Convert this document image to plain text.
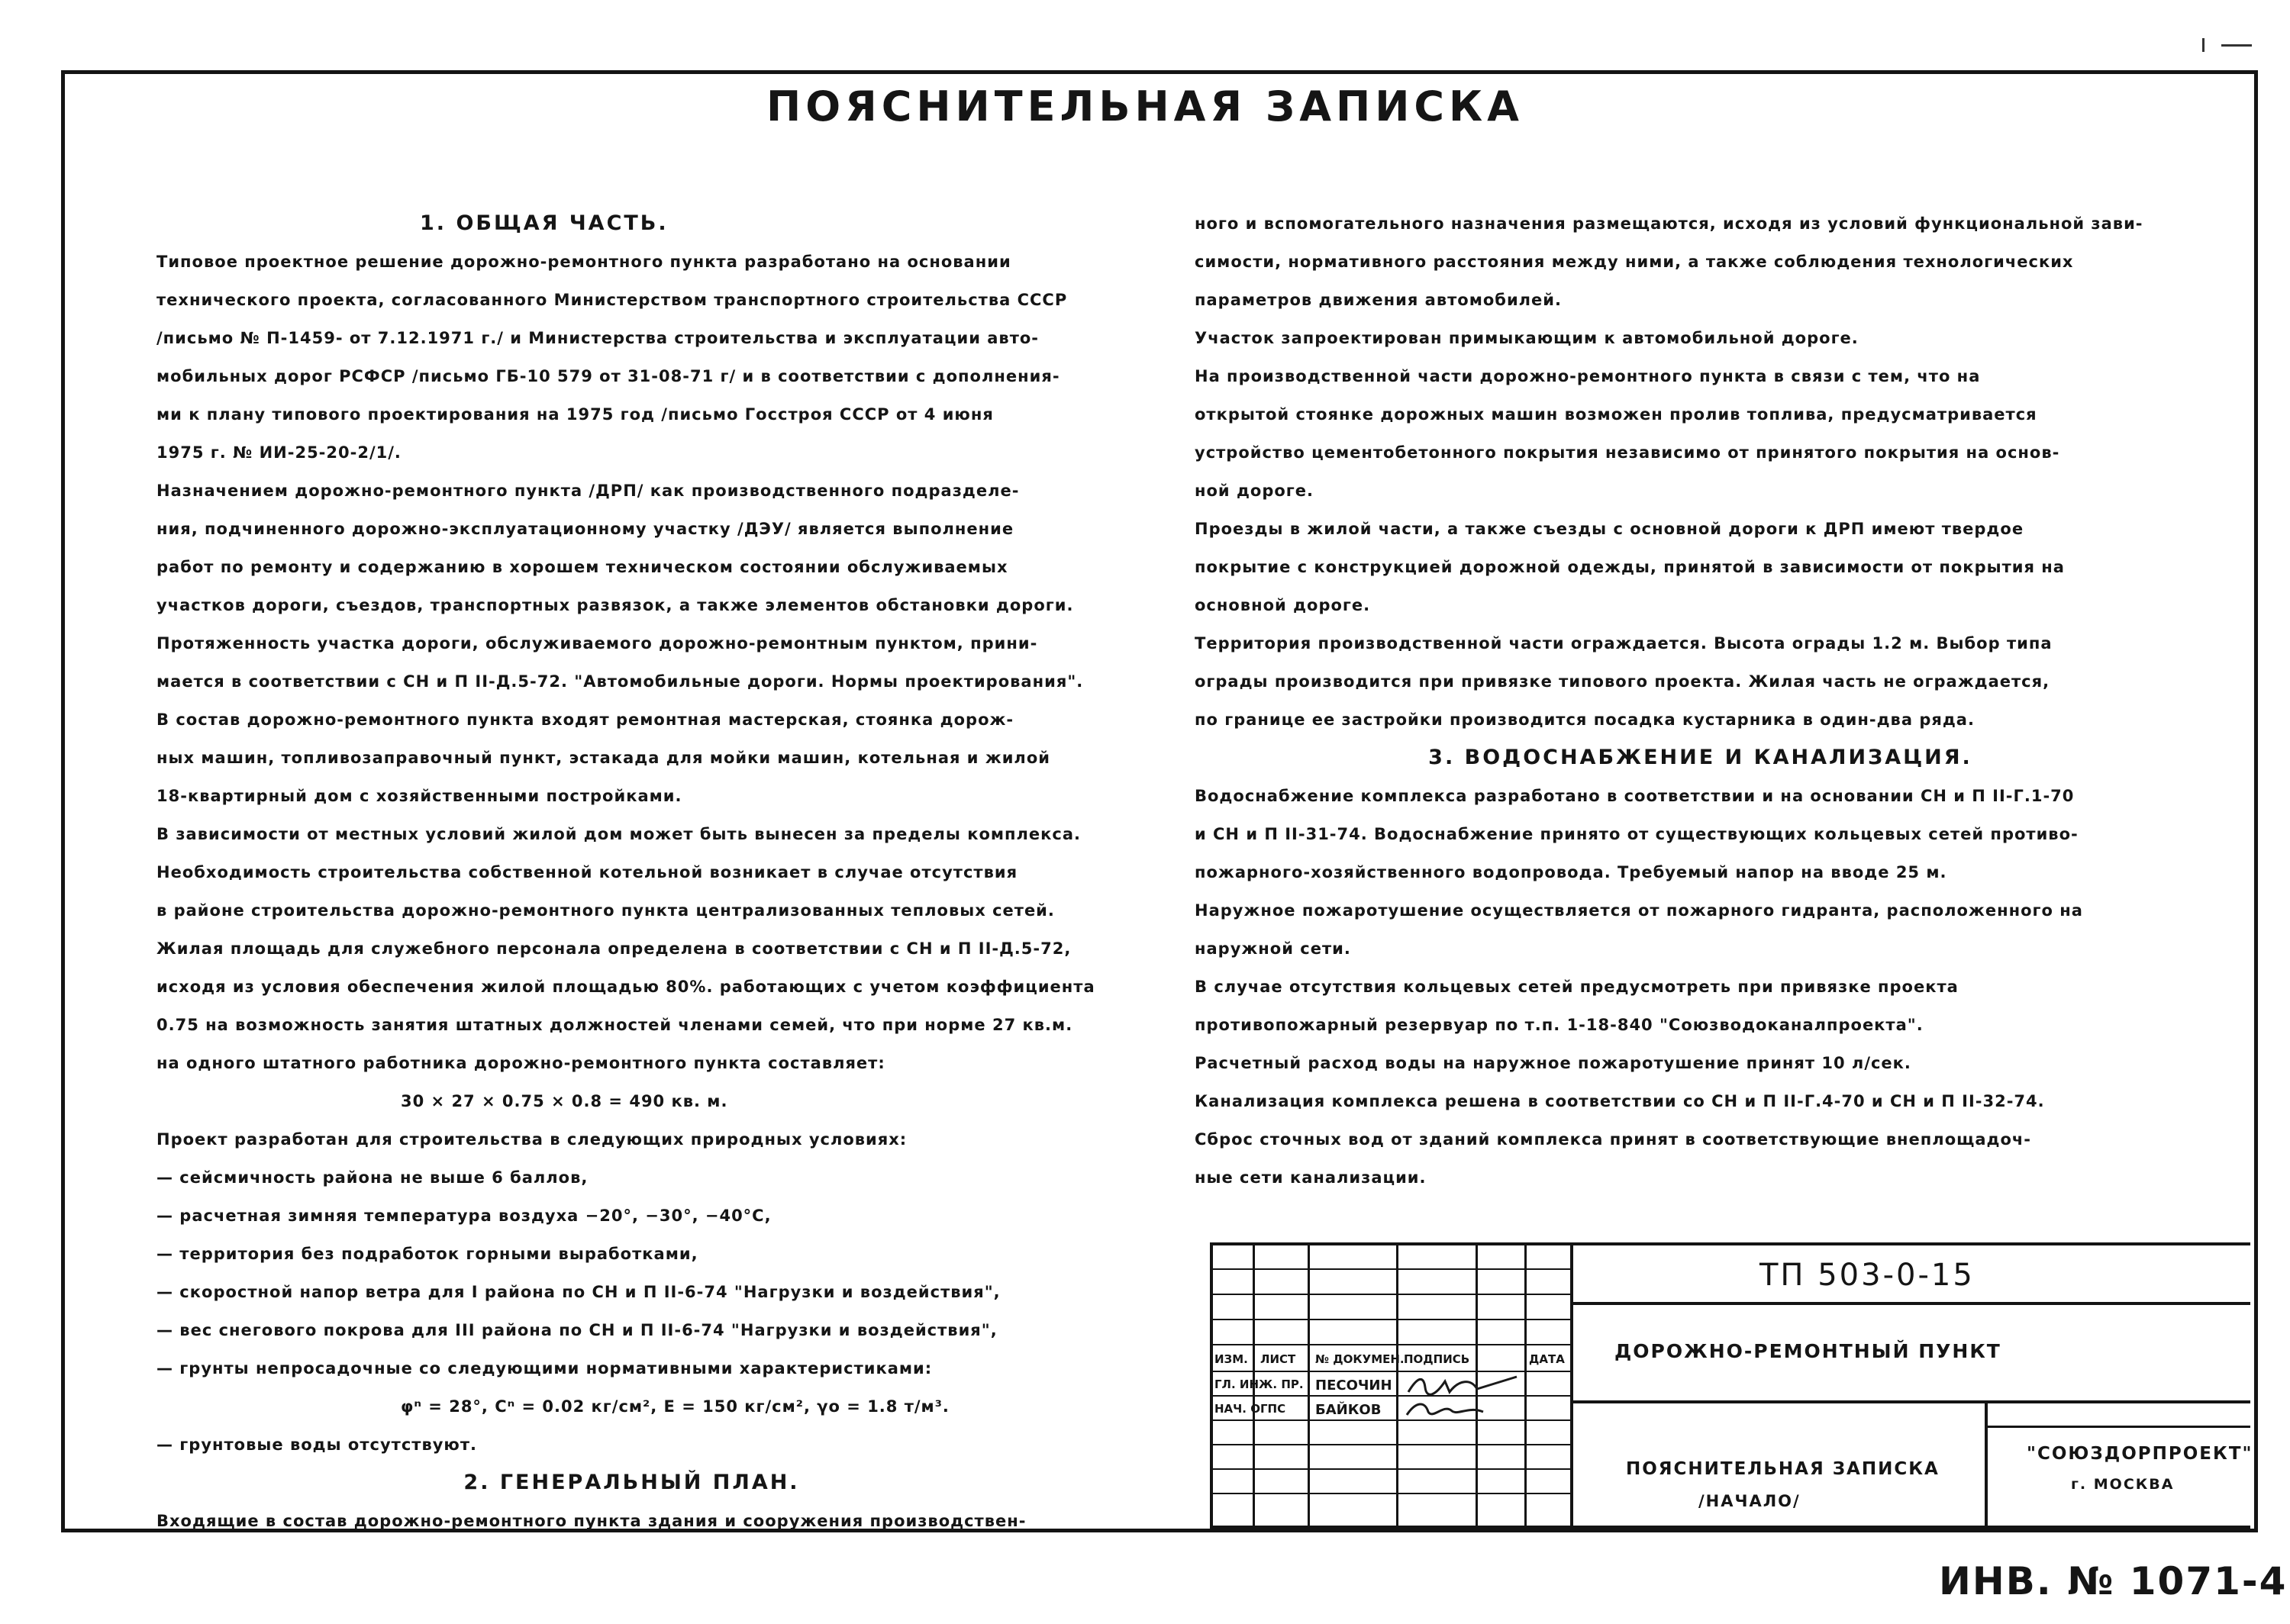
ПОЯСНИТЕЛЬНАЯ ЗАПИСКА

1. ОБЩАЯ ЧАСТЬ.

Типовое проектное решение дорожно-ремонтного пункта разработано на основании

технического проекта, согласованного Министерством транспортного строительства СССР

/письмо № П-1459- от 7.12.1971 г./ и Министерства строительства и эксплуатации авто-

мобильных дорог РСФСР /письмо ГБ-10 579 от 31-08-71 г/ и в соответствии с дополнения-

ми к плану типового проектирования на 1975 год /письмо Госстроя СССР от 4 июня

1975 г. № ИИ-25-20-2/1/.

Назначением дорожно-ремонтного пункта /ДРП/ как производственного подразделе-

ния, подчиненного дорожно-эксплуатационному участку /ДЭУ/ является выполнение

работ по ремонту и содержанию в хорошем техническом состоянии обслуживаемых

участков дороги, съездов, транспортных развязок, а также элементов обстановки дороги.

Протяженность участка дороги, обслуживаемого дорожно-ремонтным пунктом, прини-

мается в соответствии с СН и П II-Д.5-72. "Автомобильные дороги. Нормы проектирования".

В состав дорожно-ремонтного пункта входят ремонтная мастерская, стоянка дорож-

ных машин, топливозаправочный пункт, эстакада для мойки машин, котельная и жилой

18-квартирный дом с хозяйственными постройками.

В зависимости от местных условий жилой дом может быть вынесен за пределы комплекса.

Необходимость строительства собственной котельной возникает в случае отсутствия

в районе строительства дорожно-ремонтного пункта централизованных тепловых сетей.

Жилая площадь для служебного персонала определена в соответствии с СН и П II-Д.5-72,

исходя из условия обеспечения жилой площадью 80%. работающих с учетом коэффициента

0.75 на возможность занятия штатных должностей членами семей, что при норме 27 кв.м.

на одного штатного работника дорожно-ремонтного пункта составляет:

30 × 27 × 0.75 × 0.8 = 490 кв. м.

Проект разработан для строительства в следующих природных условиях:

— сейсмичность района не выше 6 баллов,

— расчетная зимняя температура воздуха −20°, −30°, −40°С,

— территория без подработок горными выработками,

— скоростной напор ветра для I района по СН и П II-6-74 "Нагрузки и воздействия",

— вес снегового покрова для III района по СН и П II-6-74 "Нагрузки и воздействия",

— грунты непросадочные со следующими нормативными характеристиками:

φⁿ = 28°, Cⁿ = 0.02 кг/см², E = 150 кг/см², γо = 1.8 т/м³.

— грунтовые воды отсутствуют.

2. ГЕНЕРАЛЬНЫЙ ПЛАН.

Входящие в состав дорожно-ремонтного пункта здания и сооружения производствен-

ного и вспомогательного назначения размещаются, исходя из условий функциональной зави-

симости, нормативного расстояния между ними, а также соблюдения технологических

параметров движения автомобилей.

Участок запроектирован примыкающим к автомобильной дороге.

На производственной части дорожно-ремонтного пункта в связи с тем, что на

открытой стоянке дорожных машин возможен пролив топлива, предусматривается

устройство цементобетонного покрытия независимо от принятого покрытия на основ-

ной дороге.

Проезды в жилой части, а также съезды с основной дороги к ДРП имеют твердое

покрытие с конструкцией дорожной одежды, принятой в зависимости от покрытия на

основной дороге.

Территория производственной части ограждается. Высота ограды 1.2 м. Выбор типа

ограды производится при привязке типового проекта. Жилая часть не ограждается,

по границе ее застройки производится посадка кустарника в один-два ряда.

3. ВОДОСНАБЖЕНИЕ И КАНАЛИЗАЦИЯ.

Водоснабжение комплекса разработано в соответствии и на основании СН и П II-Г.1-70

и СН и П II-31-74. Водоснабжение принято от существующих кольцевых сетей противо-

пожарного-хозяйственного водопровода. Требуемый напор на вводе 25 м.

Наружное пожаротушение осуществляется от пожарного гидранта, расположенного на

наружной сети.

В случае отсутствия кольцевых сетей предусмотреть при привязке проекта

противопожарный резервуар по т.п. 1-18-840 "Союзводоканалпроекта".

Расчетный расход воды на наружное пожаротушение принят 10 л/сек.

Канализация комплекса решена в соответствии со СН и П II-Г.4-70 и СН и П II-32-74.

Сброс сточных вод от зданий комплекса принят в соответствующие внеплощадоч-

ные сети канализации.

ИЗМ. ЛИСТ № ДОКУМЕН. ПОДПИСЬ	ДАТА
ГЛ. ИНЖ. ПР. ПЕСОЧИН
НАЧ. ОГПС БАЙКОВ
ТП 503-0-15
ДОРОЖНО-РЕМОНТНЫЙ ПУНКТ
ПОЯСНИТЕЛЬНАЯ ЗАПИСКА
/НАЧАЛО/
"СОЮЗДОРПРОЕКТ"
г. МОСКВА
ИНВ. № 1071-4
